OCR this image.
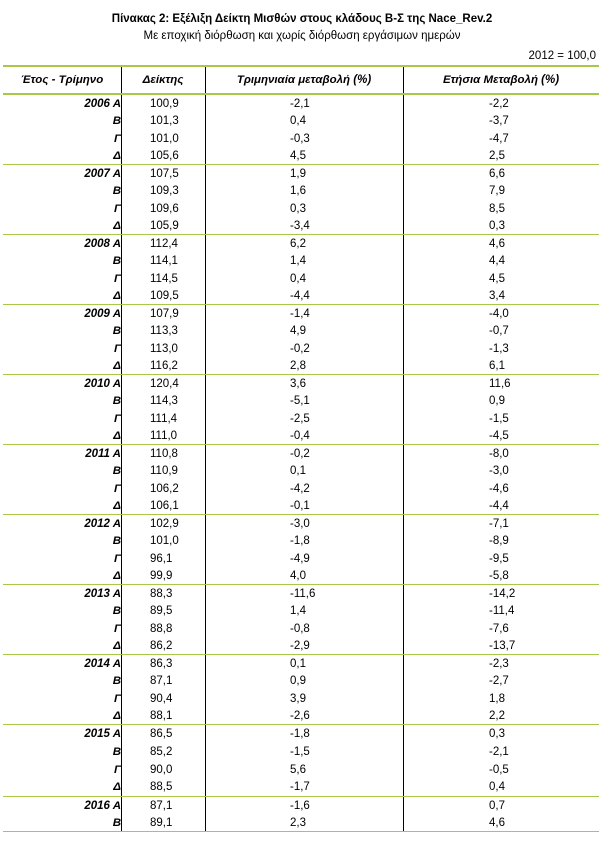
Πίνακας 2: Εξέλιξη Δείκτη Μισθών στους κλάδους Β-Σ της Nace_Rev.2
Με εποχική διόρθωση και χωρίς διόρθωση εργάσιμων ημερών
2012 = 100,0
Έτος - Τρίμηνο	Δείκτης	Τριμηνιαία μεταβολή (%)	Ετήσια Μεταβολή (%)
2006 Α	100,9	-2,1	-2,2
Β	101,3	0,4	-3,7
Γ	101,0	-0,3	-4,7
Δ	105,6	4,5	2,5
2007 Α	107,5	1,9	6,6
Β	109,3	1,6	7,9
Γ	109,6	0,3	8,5
Δ	105,9	-3,4	0,3
2008 Α	112,4	6,2	4,6
Β	114,1	1,4	4,4
Γ	114,5	0,4	4,5
Δ	109,5	-4,4	3,4
2009 Α	107,9	-1,4	-4,0
Β	113,3	4,9	-0,7
Γ	113,0	-0,2	-1,3
Δ	116,2	2,8	6,1
2010 Α	120,4	3,6	11,6
Β	114,3	-5,1	0,9
Γ	111,4	-2,5	-1,5
Δ	111,0	-0,4	-4,5
2011 Α	110,8	-0,2	-8,0
Β	110,9	0,1	-3,0
Γ	106,2	-4,2	-4,6
Δ	106,1	-0,1	-4,4
2012 Α	102,9	-3,0	-7,1
Β	101,0	-1,8	-8,9
Γ	96,1	-4,9	-9,5
Δ	99,9	4,0	-5,8
2013 Α	88,3	-11,6	-14,2
Β	89,5	1,4	-11,4
Γ	88,8	-0,8	-7,6
Δ	86,2	-2,9	-13,7
2014 Α	86,3	0,1	-2,3
Β	87,1	0,9	-2,7
Γ	90,4	3,9	1,8
Δ	88,1	-2,6	2,2
2015 Α	86,5	-1,8	0,3
Β	85,2	-1,5	-2,1
Γ	90,0	5,6	-0,5
Δ	88,5	-1,7	0,4
2016 Α	87,1	-1,6	0,7
Β	89,1	2,3	4,6
